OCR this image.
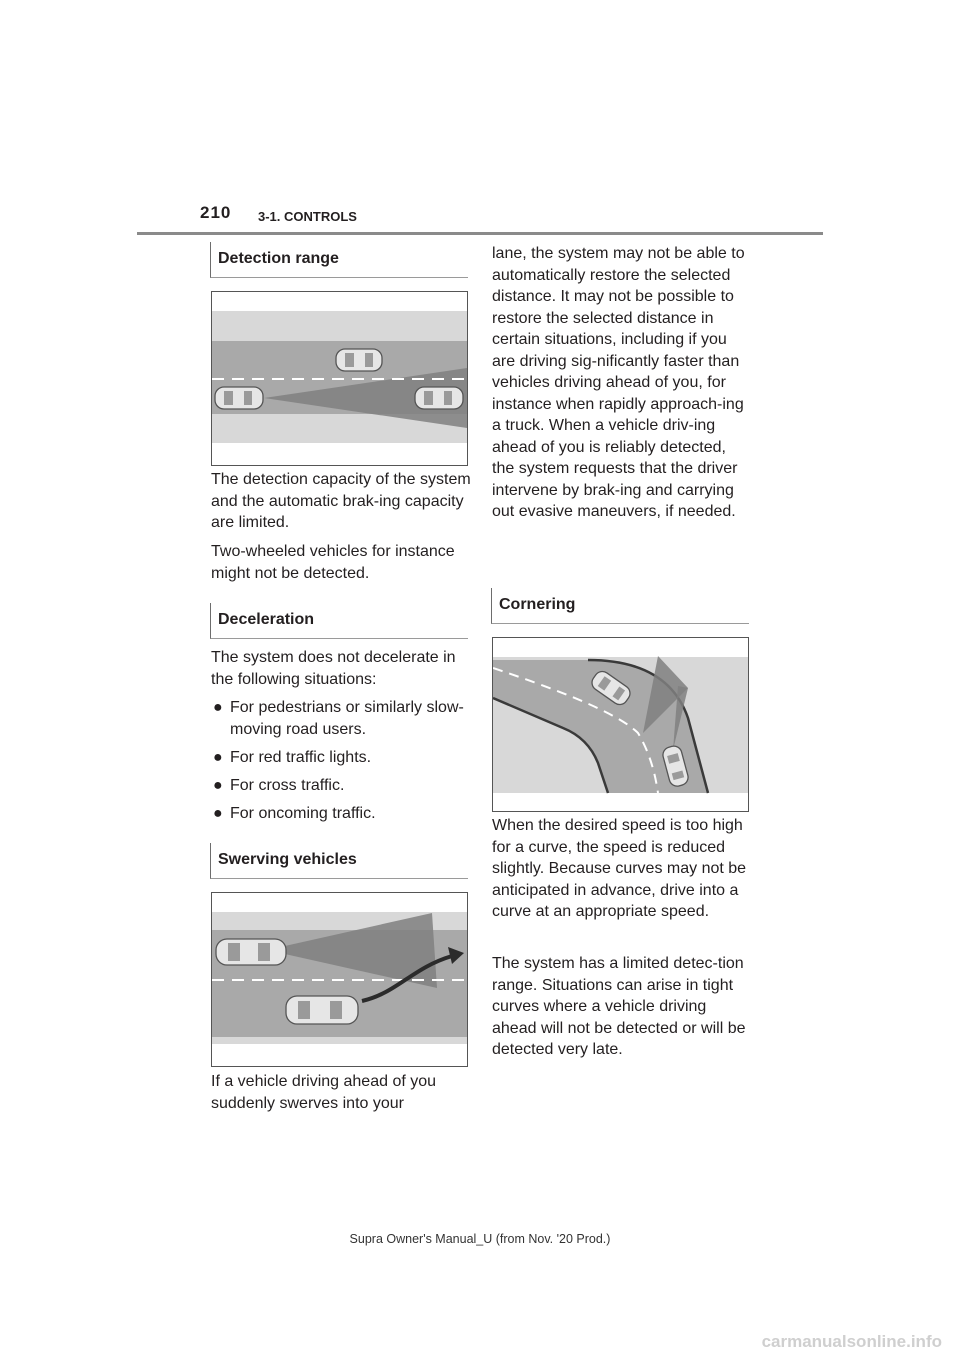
210 3-1. CONTROLS
Detection range

The detection capacity of the system and the automatic brak-ing capacity are limited.

Two-wheeled vehicles for instance might not be detected.

Deceleration

The system does not decelerate in the following situations:

● For pedestrians or similarly slow-moving road users.
● For red traffic lights.
● For cross traffic.
● For oncoming traffic.
Swerving vehicles

If a vehicle driving ahead of you suddenly swerves into your

lane, the system may not be able to automatically restore the selected distance. It may not be possible to restore the selected distance in certain situations, including if you are driving sig-nificantly faster than vehicles driving ahead of you, for instance when rapidly approach-ing a truck. When a vehicle driv-ing ahead of you is reliably detected, the system requests that the driver intervene by brak-ing and carrying out evasive maneuvers, if needed.

Cornering

When the desired speed is too high for a curve, the speed is reduced slightly. Because curves may not be anticipated in advance, drive into a curve at an appropriate speed.

The system has a limited detec-tion range. Situations can arise in tight curves where a vehicle driving ahead will not be detected or will be detected very late.

Supra Owner's Manual_U (from Nov. '20 Prod.)
carmanualsonline.info
